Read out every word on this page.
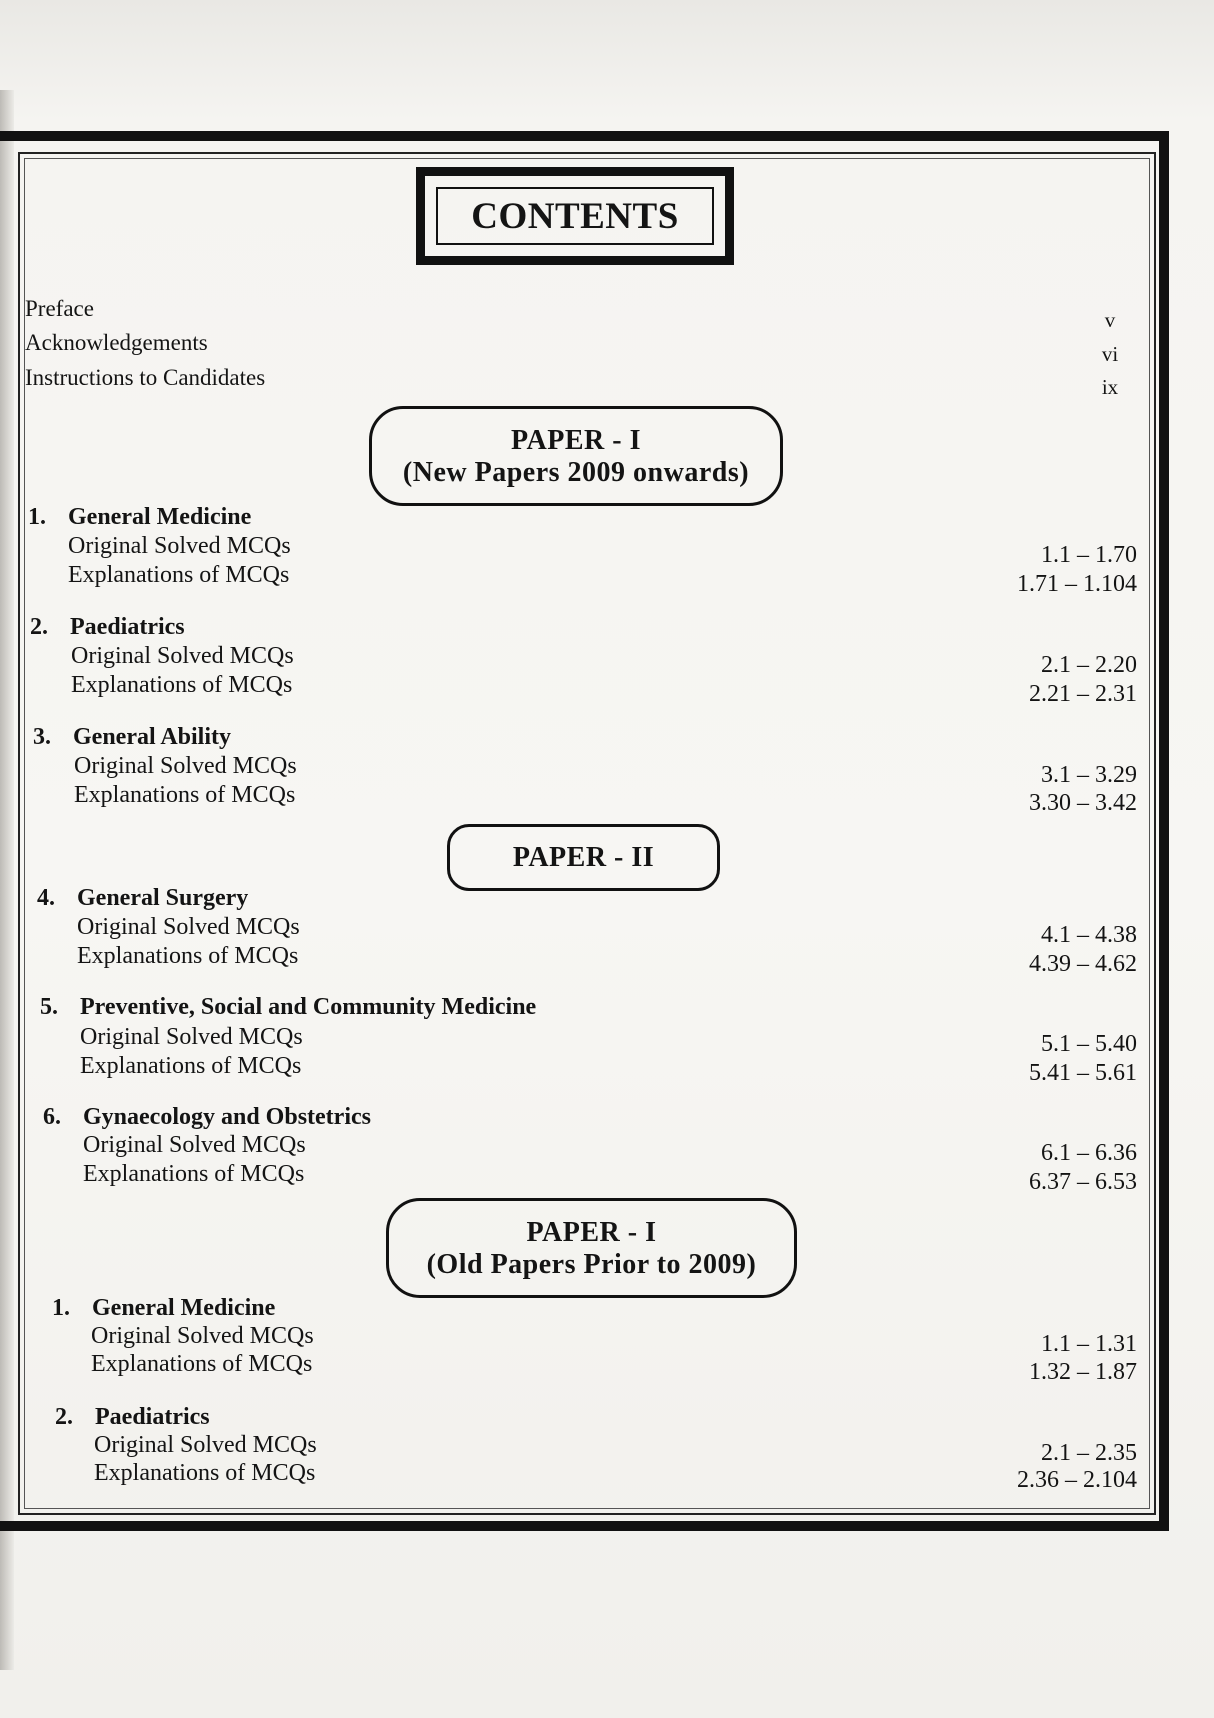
CONTENTS
Preface	v
Acknowledgements	vi
Instructions to Candidates	ix
PAPER - I
(New Papers 2009 onwards)
1. General Medicine
Original Solved MCQs	1.1 – 1.70
Explanations of MCQs	1.71 – 1.104
2. Paediatrics
Original Solved MCQs	2.1 – 2.20
Explanations of MCQs	2.21 – 2.31
3. General Ability
Original Solved MCQs	3.1 – 3.29
Explanations of MCQs	3.30 – 3.42
PAPER - II
4. General Surgery
Original Solved MCQs	4.1 – 4.38
Explanations of MCQs	4.39 – 4.62
5. Preventive, Social and Community Medicine
Original Solved MCQs	5.1 – 5.40
Explanations of MCQs	5.41 – 5.61
6. Gynaecology and Obstetrics
Original Solved MCQs	6.1 – 6.36
Explanations of MCQs	6.37 – 6.53
PAPER - I
(Old Papers Prior to 2009)
1. General Medicine
Original Solved MCQs	1.1 – 1.31
Explanations of MCQs	1.32 – 1.87
2. Paediatrics
Original Solved MCQs	2.1 – 2.35
Explanations of MCQs	2.36 – 2.104
